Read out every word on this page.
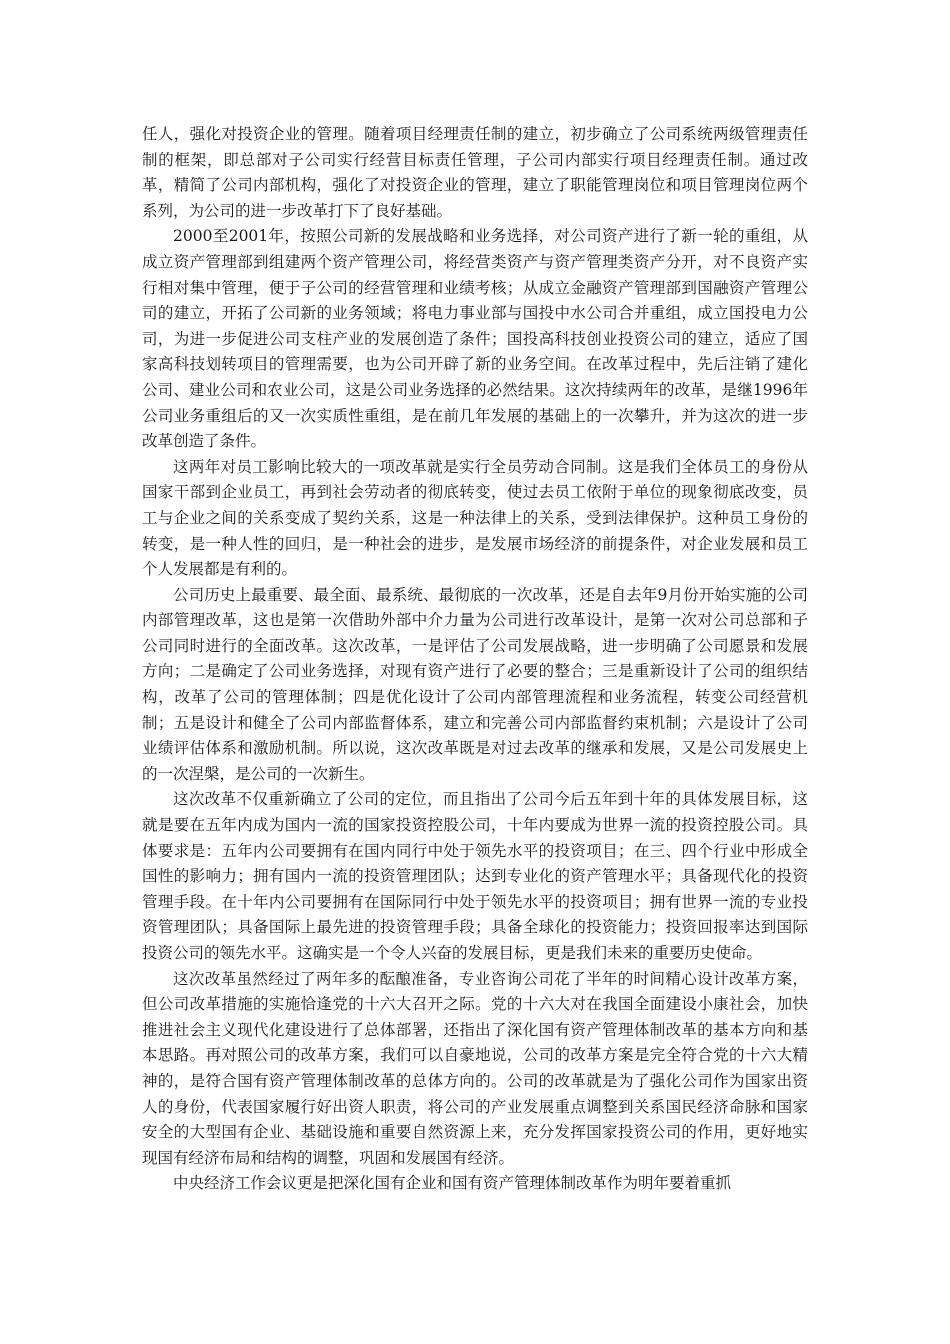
任人，强化对投资企业的管理。随着项目经理责任制的建立，初步确立了公司系统两级管理责任制的框架，即总部对子公司实行经营目标责任管理，子公司内部实行项目经理责任制。通过改革，精简了公司内部机构，强化了对投资企业的管理，建立了职能管理岗位和项目管理岗位两个系列，为公司的进一步改革打下了良好基础。

2000至2001年，按照公司新的发展战略和业务选择，对公司资产进行了新一轮的重组，从成立资产管理部到组建两个资产管理公司，将经营类资产与资产管理类资产分开，对不良资产实行相对集中管理，便于子公司的经营管理和业绩考核；从成立金融资产管理部到国融资产管理公司的建立，开拓了公司新的业务领域；将电力事业部与国投中水公司合并重组，成立国投电力公司，为进一步促进公司支柱产业的发展创造了条件；国投高科技创业投资公司的建立，适应了国家高科技划转项目的管理需要，也为公司开辟了新的业务空间。在改革过程中，先后注销了建化公司、建业公司和农业公司，这是公司业务选择的必然结果。这次持续两年的改革，是继1996年公司业务重组后的又一次实质性重组，是在前几年发展的基础上的一次攀升，并为这次的进一步改革创造了条件。

这两年对员工影响比较大的一项改革就是实行全员劳动合同制。这是我们全体员工的身份从国家干部到企业员工，再到社会劳动者的彻底转变，使过去员工依附于单位的现象彻底改变，员工与企业之间的关系变成了契约关系，这是一种法律上的关系，受到法律保护。这种员工身份的转变，是一种人性的回归，是一种社会的进步，是发展市场经济的前提条件，对企业发展和员工个人发展都是有利的。

公司历史上最重要、最全面、最系统、最彻底的一次改革，还是自去年9月份开始实施的公司内部管理改革，这也是第一次借助外部中介力量为公司进行改革设计，是第一次对公司总部和子公司同时进行的全面改革。这次改革，一是评估了公司发展战略，进一步明确了公司愿景和发展方向；二是确定了公司业务选择，对现有资产进行了必要的整合；三是重新设计了公司的组织结构，改革了公司的管理体制；四是优化设计了公司内部管理流程和业务流程，转变公司经营机制；五是设计和健全了公司内部监督体系，建立和完善公司内部监督约束机制；六是设计了公司业绩评估体系和激励机制。所以说，这次改革既是对过去改革的继承和发展，又是公司发展史上的一次涅槃，是公司的一次新生。

这次改革不仅重新确立了公司的定位，而且指出了公司今后五年到十年的具体发展目标，这就是要在五年内成为国内一流的国家投资控股公司，十年内要成为世界一流的投资控股公司。具体要求是：五年内公司要拥有在国内同行中处于领先水平的投资项目；在三、四个行业中形成全国性的影响力；拥有国内一流的投资管理团队；达到专业化的资产管理水平；具备现代化的投资管理手段。在十年内公司要拥有在国际同行中处于领先水平的投资项目；拥有世界一流的专业投资管理团队；具备国际上最先进的投资管理手段；具备全球化的投资能力；投资回报率达到国际投资公司的领先水平。这确实是一个令人兴奋的发展目标，更是我们未来的重要历史使命。

这次改革虽然经过了两年多的酝酿准备，专业咨询公司花了半年的时间精心设计改革方案，但公司改革措施的实施恰逢党的十六大召开之际。党的十六大对在我国全面建设小康社会，加快推进社会主义现代化建设进行了总体部署，还指出了深化国有资产管理体制改革的基本方向和基本思路。再对照公司的改革方案，我们可以自豪地说，公司的改革方案是完全符合党的十六大精神的，是符合国有资产管理体制改革的总体方向的。公司的改革就是为了强化公司作为国家出资人的身份，代表国家履行好出资人职责，将公司的产业发展重点调整到关系国民经济命脉和国家安全的大型国有企业、基础设施和重要自然资源上来，充分发挥国家投资公司的作用，更好地实现国有经济布局和结构的调整，巩固和发展国有经济。

中央经济工作会议更是把深化国有企业和国有资产管理体制改革作为明年要着重抓
